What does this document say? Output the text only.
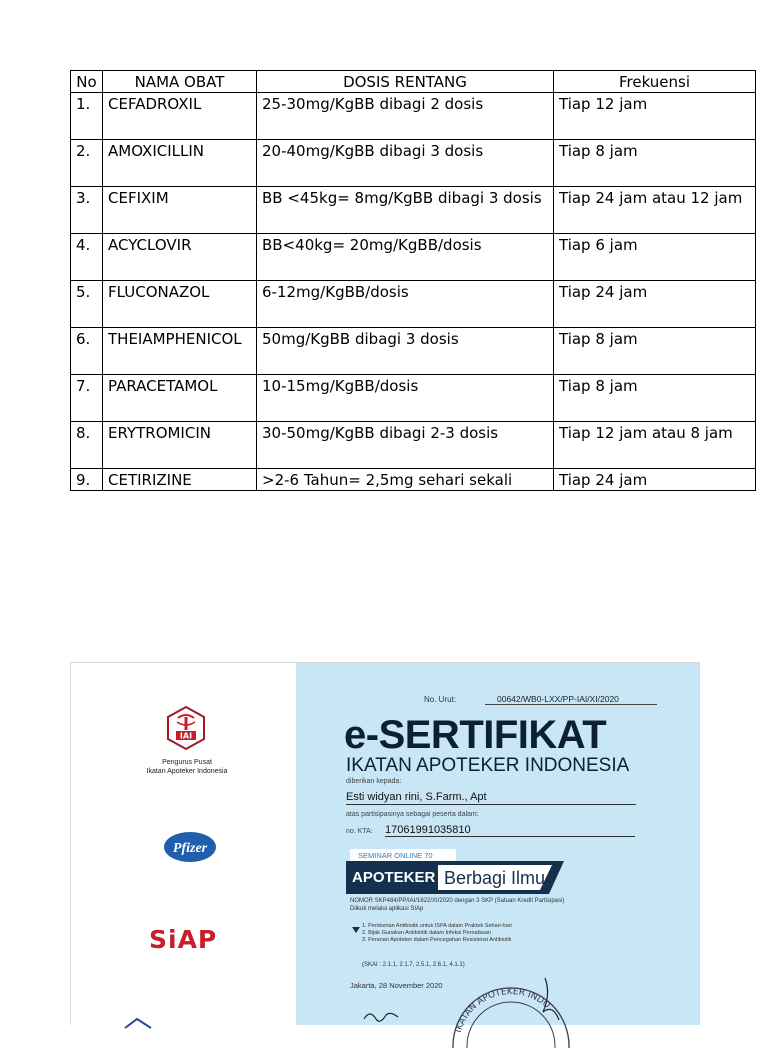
No	NAMA OBAT	DOSIS RENTANG	Frekuensi
1.	CEFADROXIL	25-30mg/KgBB dibagi 2 dosis	Tiap 12 jam
2.	AMOXICILLIN	20-40mg/KgBB dibagi 3 dosis	Tiap 8 jam
3.	CEFIXIM	BB <45kg= 8mg/KgBB dibagi 3 dosis	Tiap 24 jam atau 12 jam
4.	ACYCLOVIR	BB<40kg= 20mg/KgBB/dosis	Tiap 6 jam
5.	FLUCONAZOL	6-12mg/KgBB/dosis	Tiap 24 jam
6.	THEIAMPHENICOL	50mg/KgBB dibagi 3 dosis	Tiap 8 jam
7.	PARACETAMOL	10-15mg/KgBB/dosis	Tiap 8 jam
8.	ERYTROMICIN	30-50mg/KgBB dibagi 2-3 dosis	Tiap 12 jam atau 8 jam
9.	CETIRIZINE	>2-6 Tahun= 2,5mg sehari sekali	Tiap 24 jam
IAI
Pengurus Pusat
Ikatan Apoteker Indonesia
Pfizer
SiAP
No. Urut:	00642/WB0-LXX/PP-IAI/XI/2020
e-SERTIFIKAT
IKATAN APOTEKER INDONESIA
diberikan kepada:
Esti widyan rini, S.Farm., Apt
atas partisipasinya sebagai peserta dalam:
no. KTA: 17061991035810
SEMINAR ONLINE 70
APOTEKER Berbagi Ilmu
NOMOR SKP484/PP/IAI/1822/XI/2020 dengan 3 SKP (Satuan Kredit Partisipasi)
Diikuti melalui aplikasi SIAp
1. Pemberian Antibiotik untuk ISPA dalam Praktek Sehari-hari
2. Bijak Gunakan Antibiotik dalam Infeksi Pernafasan
3. Peranan Apoteker dalam Pencegahan Resistensi Antibiotik
(SKAI : 2.1.1, 2.1.7, 2.5.1, 2.6.1, 4.1.1)
Jakarta, 28 November 2020
IKATAN APOTEKER INDO
